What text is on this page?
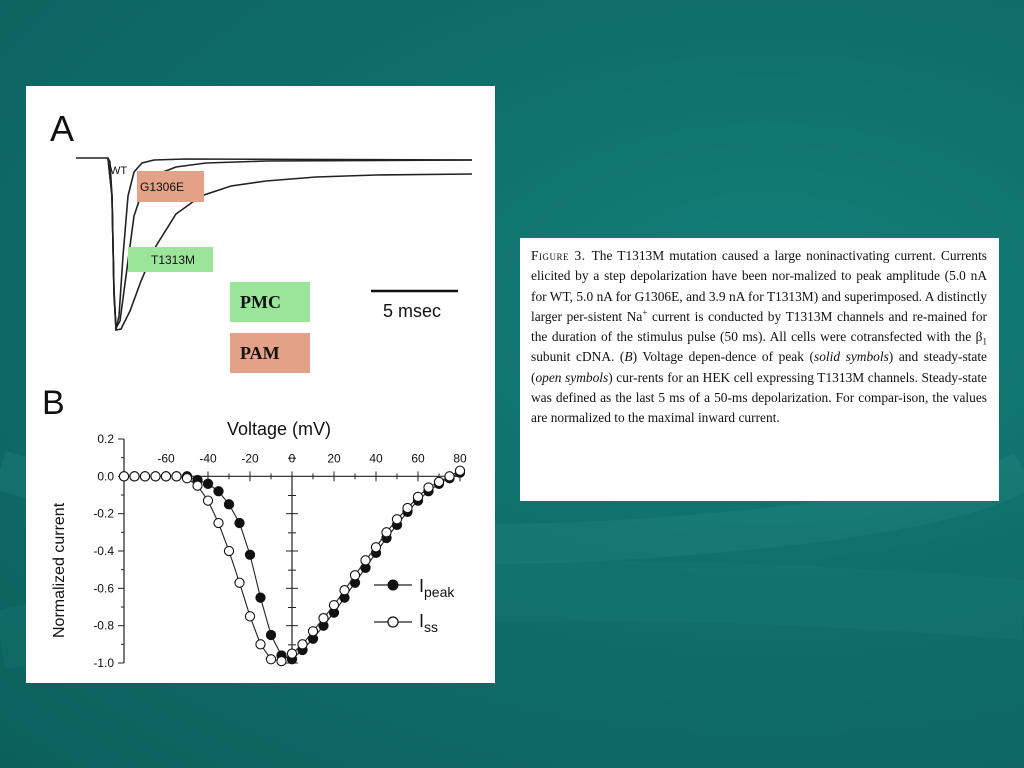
A
WT
G1306E
T1313M
5 msec
B
Voltage (mV)
Normalized current
0.2
0.0
-0.2
-0.4
-0.6
-0.8
-1.0
-60 -40 -20 0	20 40 60 80
$I_{peak}$
$I_{ss}$
PMC
PAM
Figure 3. The T1313M mutation caused a large noninactivating current. Currents elicited by a step depolarization have been nor-malized to peak amplitude (5.0 nA for WT, 5.0 nA for G1306E, and 3.9 nA for T1313M) and superimposed. A distinctly larger per-sistent Na+ current is conducted by T1313M channels and re-mained for the duration of the stimulus pulse (50 ms). All cells were cotransfected with the $\beta_1$ subunit cDNA. (B) Voltage depen-dence of peak (solid symbols) and steady-state (open symbols) cur-rents for an HEK cell expressing T1313M channels. Steady-state was defined as the last 5 ms of a 50-ms depolarization. For compar-ison, the values are normalized to the maximal inward current.
